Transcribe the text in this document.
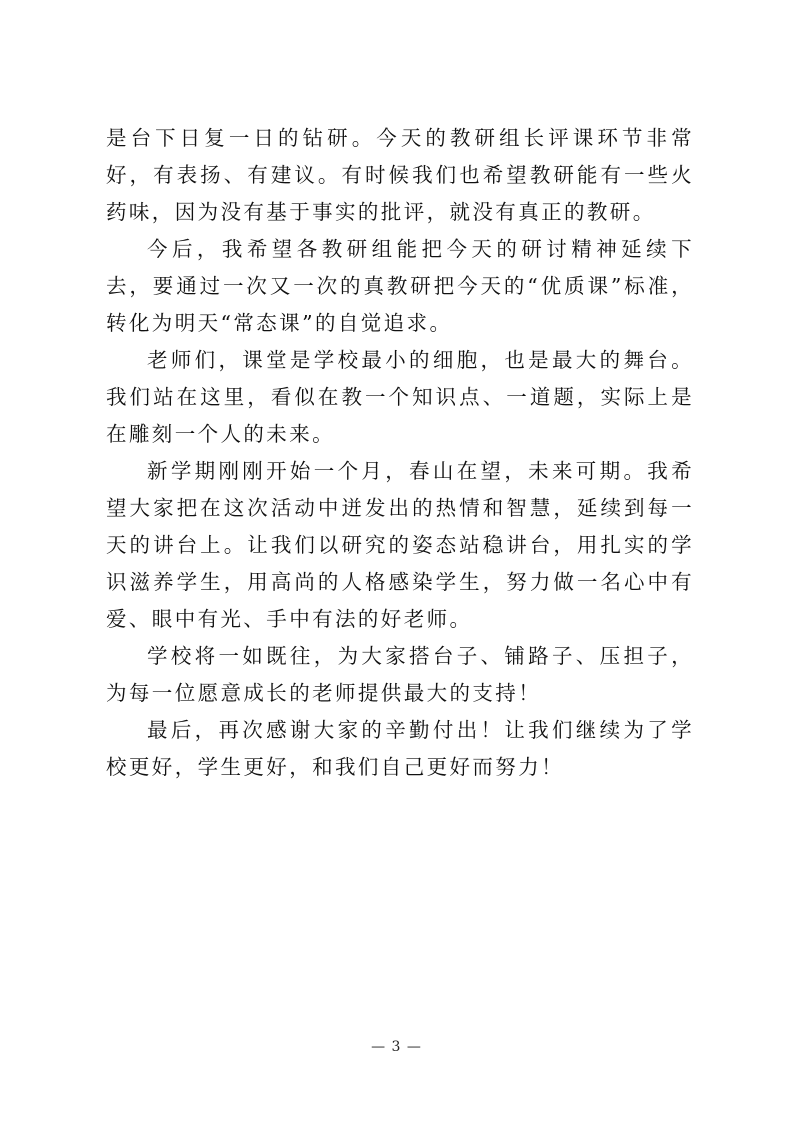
是台下日复一日的钻研。今天的教研组长评课环节非常好，有表扬、有建议。有时候我们也希望教研能有一些火药味，因为没有基于事实的批评，就没有真正的教研。

今后，我希望各教研组能把今天的研讨精神延续下去，要通过一次又一次的真教研把今天的“优质课”标准，转化为明天“常态课”的自觉追求。

老师们，课堂是学校最小的细胞，也是最大的舞台。我们站在这里，看似在教一个知识点、一道题，实际上是在雕刻一个人的未来。

新学期刚刚开始一个月，春山在望，未来可期。我希望大家把在这次活动中迸发出的热情和智慧，延续到每一天的讲台上。让我们以研究的姿态站稳讲台，用扎实的学识滋养学生，用高尚的人格感染学生，努力做一名心中有爱、眼中有光、手中有法的好老师。

学校将一如既往，为大家搭台子、铺路子、压担子，为每一位愿意成长的老师提供最大的支持！

最后，再次感谢大家的辛勤付出！让我们继续为了学校更好，学生更好，和我们自己更好而努力！

— 3 —
